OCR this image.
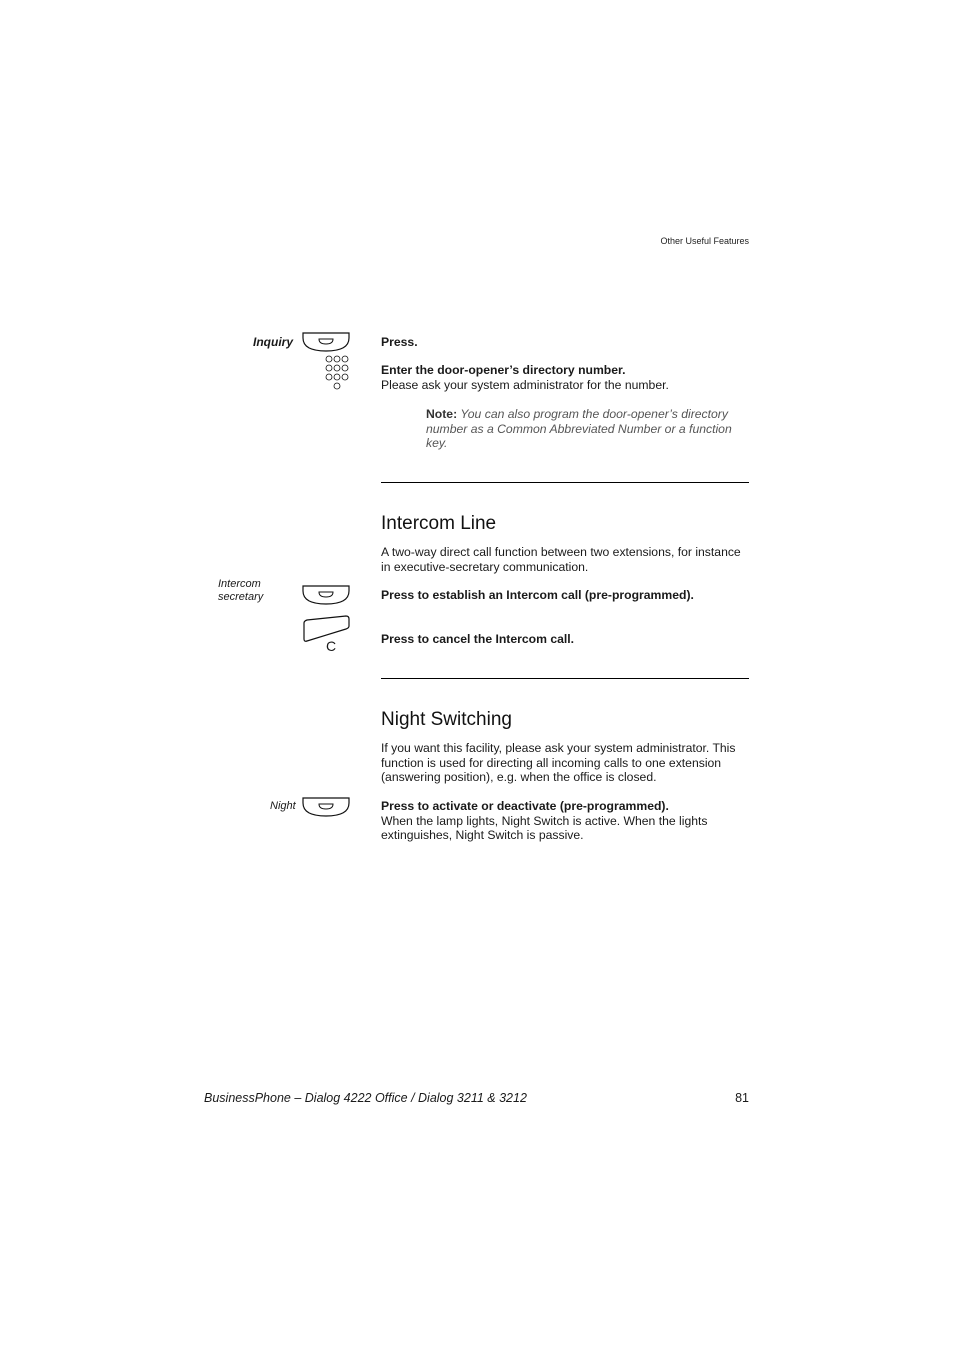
Other Useful Features
Inquiry	Press.
Enter the door-opener’s directory number.
Please ask your system administrator for the number.
Note: You can also program the door-opener’s directory number as a Common Abbreviated Number or a function key.
Intercom Line
A two-way direct call function between two extensions, for instance in executive-secretary communication.
Intercom
secretary	Press to establish an Intercom call (pre-programmed).
C	Press to cancel the Intercom call.
Night Switching
If you want this facility, please ask your system administrator. This function is used for directing all incoming calls to one extension (answering position), e.g. when the office is closed.
Night	Press to activate or deactivate (pre-programmed).
When the lamp lights, Night Switch is active. When the lights extinguishes, Night Switch is passive.
BusinessPhone – Dialog 4222 Office / Dialog 3211 & 3212	81
